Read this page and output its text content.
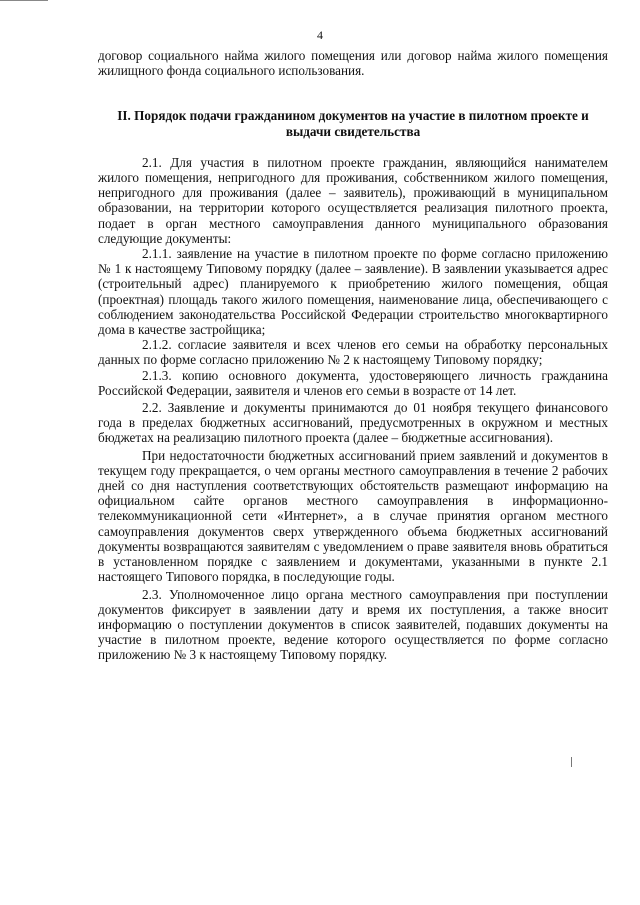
4

договор социального найма жилого помещения или договор найма жилого помещения жилищного фонда социального использования.

II. Порядок подачи гражданином документов на участие в пилотном проекте и выдачи свидетельства

2.1. Для участия в пилотном проекте гражданин, являющийся нанимателем жилого помещения, непригодного для проживания, собственником жилого помещения, непригодного для проживания (далее – заявитель), проживающий в муниципальном образовании, на территории которого осуществляется реализация пилотного проекта, подает в орган местного самоуправления данного муниципального образования следующие документы:

2.1.1. заявление на участие в пилотном проекте по форме согласно приложению № 1 к настоящему Типовому порядку (далее – заявление). В заявлении указывается адрес (строительный адрес) планируемого к приобретению жилого помещения, общая (проектная) площадь такого жилого помещения, наименование лица, обеспечивающего с соблюдением законодательства Российской Федерации строительство многоквартирного дома в качестве застройщика;

2.1.2. согласие заявителя и всех членов его семьи на обработку персональных данных по форме согласно приложению № 2 к настоящему Типовому порядку;

2.1.3. копию основного документа, удостоверяющего личность гражданина Российской Федерации, заявителя и членов его семьи в возрасте от 14 лет.

2.2. Заявление и документы принимаются до 01 ноября текущего финансового года в пределах бюджетных ассигнований, предусмотренных в окружном и местных бюджетах на реализацию пилотного проекта (далее – бюджетные ассигнования).

При недостаточности бюджетных ассигнований прием заявлений и документов в текущем году прекращается, о чем органы местного самоуправления в течение 2 рабочих дней со дня наступления соответствующих обстоятельств размещают информацию на официальном сайте органов местного самоуправления в информационно-телекоммуникационной сети «Интернет», а в случае принятия органом местного самоуправления документов сверх утвержденного объема бюджетных ассигнований документы возвращаются заявителям с уведомлением о праве заявителя вновь обратиться в установленном порядке с заявлением и документами, указанными в пункте 2.1 настоящего Типового порядка, в последующие годы.

2.3. Уполномоченное лицо органа местного самоуправления при поступлении документов фиксирует в заявлении дату и время их поступления, а также вносит информацию о поступлении документов в список заявителей, подавших документы на участие в пилотном проекте, ведение которого осуществляется по форме согласно приложению № 3 к настоящему Типовому порядку.
